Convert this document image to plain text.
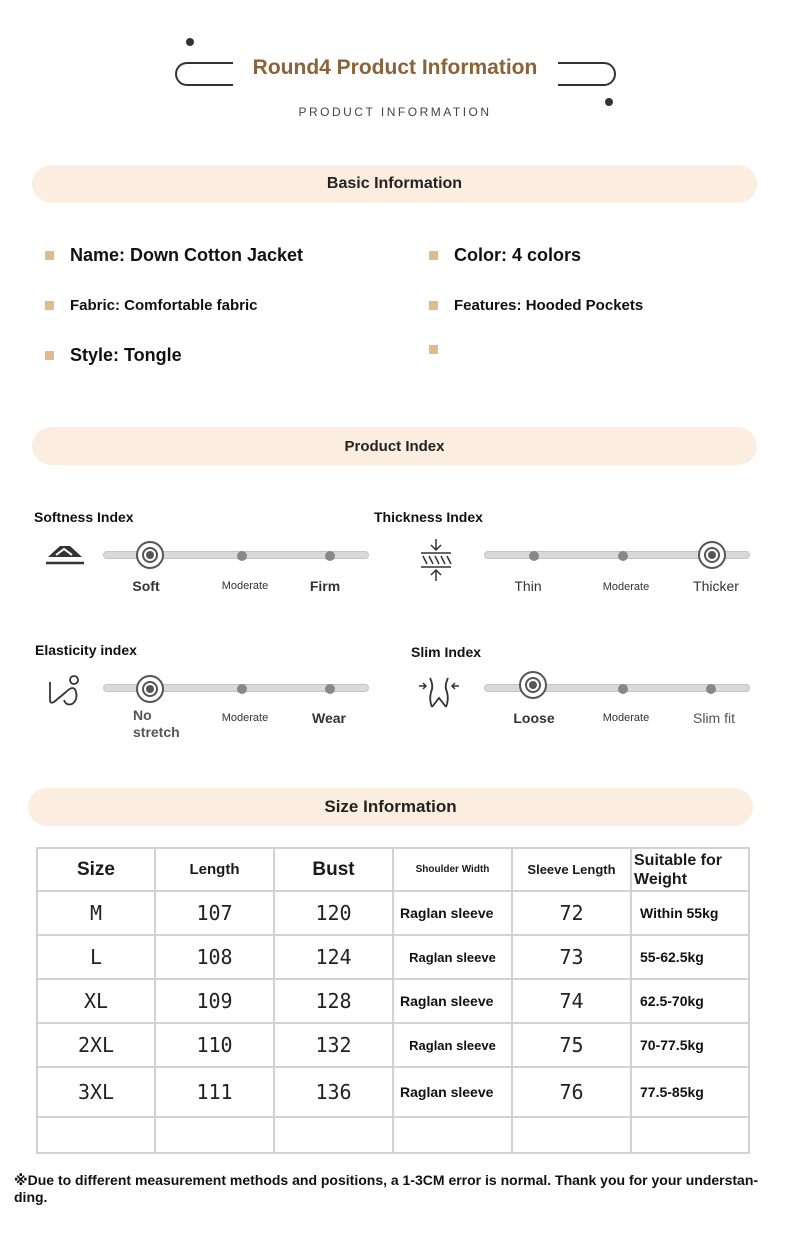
Round4 Product Information
PRODUCT INFORMATION
Basic Information
Name: Down Cotton Jacket	Color: 4 colors
Fabric: Comfortable fabric	Features: Hooded Pockets
Style: Tongle
Product Index
Softness Index
Soft	Moderate	Firm
Thickness Index
Thin	Moderate	Thicker
Elasticity index
No stretch
Moderate	Wear
Slim Index
Loose	Moderate	Slim fit
Size Information
Size	Length	Bust	Shoulder Width	Sleeve Length	Suitable for Weight
M	107	120	Raglan sleeve	72	Within 55kg
L	108	124	Raglan sleeve	73	55-62.5kg
XL	109	128	Raglan sleeve	74	62.5-70kg
2XL	110	132	Raglan sleeve	75	70-77.5kg
3XL	111	136	Raglan sleeve	76	77.5-85kg

※Due to different measurement methods and positions, a 1-3CM error is normal. Thank you for your understan-ding.
